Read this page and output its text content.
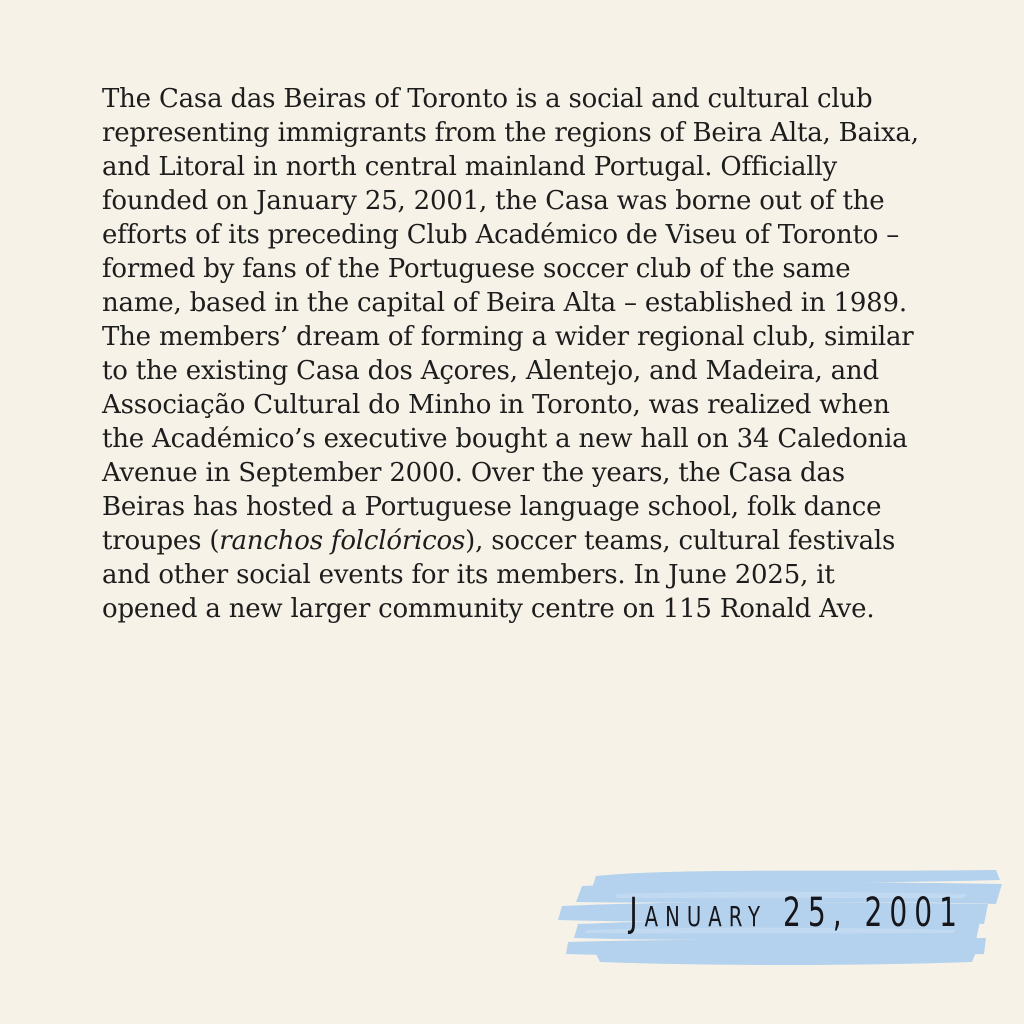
The Casa das Beiras of Toronto is a social and cultural club representing immigrants from the regions of Beira Alta, Baixa, and Litoral in north central mainland Portugal. Officially founded on January 25, 2001, the Casa was borne out of the efforts of its preceding Club Académico de Viseu of Toronto – formed by fans of the Portuguese soccer club of the same name, based in the capital of Beira Alta – established in 1989. The members’ dream of forming a wider regional club, similar to the existing Casa dos Açores, Alentejo, and Madeira, and Associação Cultural do Minho in Toronto, was realized when the Académico’s executive bought a new hall on 34 Caledonia Avenue in September 2000. Over the years, the Casa das Beiras has hosted a Portuguese language school, folk dance troupes (ranchos folclóricos), soccer teams, cultural festivals and other social events for its members. In June 2025, it opened a new larger community centre on 115 Ronald Ave.

January 25, 2001
